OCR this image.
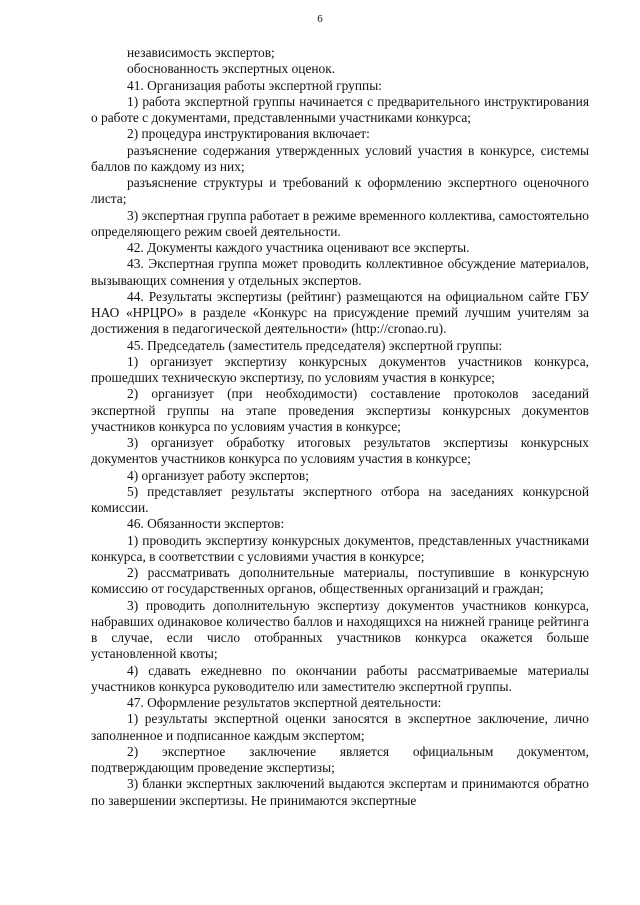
6

независимость экспертов;

обоснованность экспертных оценок.

41. Организация работы экспертной группы:

1) работа экспертной группы начинается с предварительного инструктирования о работе с документами, представленными участниками конкурса;

2) процедура инструктирования включает:

разъяснение содержания утвержденных условий участия в конкурсе, системы баллов по каждому из них;

разъяснение структуры и требований к оформлению экспертного оценочного листа;

3) экспертная группа работает в режиме временного коллектива, самостоятельно определяющего режим своей деятельности.

42. Документы каждого участника оценивают все эксперты.

43. Экспертная группа может проводить коллективное обсуждение материалов, вызывающих сомнения у отдельных экспертов.

44. Результаты экспертизы (рейтинг) размещаются на официальном сайте ГБУ НАО «НРЦРО» в разделе «Конкурс на присуждение премий лучшим учителям за достижения в педагогической деятельности» (http://cronao.ru).

45. Председатель (заместитель председателя) экспертной группы:

1) организует экспертизу конкурсных документов участников конкурса, прошедших техническую экспертизу, по условиям участия в конкурсе;

2) организует (при необходимости) составление протоколов заседаний экспертной группы на этапе проведения экспертизы конкурсных документов участников конкурса по условиям участия в конкурсе;

3) организует обработку итоговых результатов экспертизы конкурсных документов участников конкурса по условиям участия в конкурсе;

4) организует работу экспертов;

5) представляет результаты экспертного отбора на заседаниях конкурсной комиссии.

46. Обязанности экспертов:

1) проводить экспертизу конкурсных документов, представленных участниками конкурса, в соответствии с условиями участия в конкурсе;

2) рассматривать дополнительные материалы, поступившие в конкурсную комиссию от государственных органов, общественных организаций и граждан;

3) проводить дополнительную экспертизу документов участников конкурса, набравших одинаковое количество баллов и находящихся на нижней границе рейтинга в случае, если число отобранных участников конкурса окажется больше установленной квоты;

4) сдавать ежедневно по окончании работы рассматриваемые материалы участников конкурса руководителю или заместителю экспертной группы.

47. Оформление результатов экспертной деятельности:

1) результаты экспертной оценки заносятся в экспертное заключение, лично заполненное и подписанное каждым экспертом;

2) экспертное заключение является официальным документом, подтверждающим проведение экспертизы;

3) бланки экспертных заключений выдаются экспертам и принимаются обратно по завершении экспертизы. Не принимаются экспертные
